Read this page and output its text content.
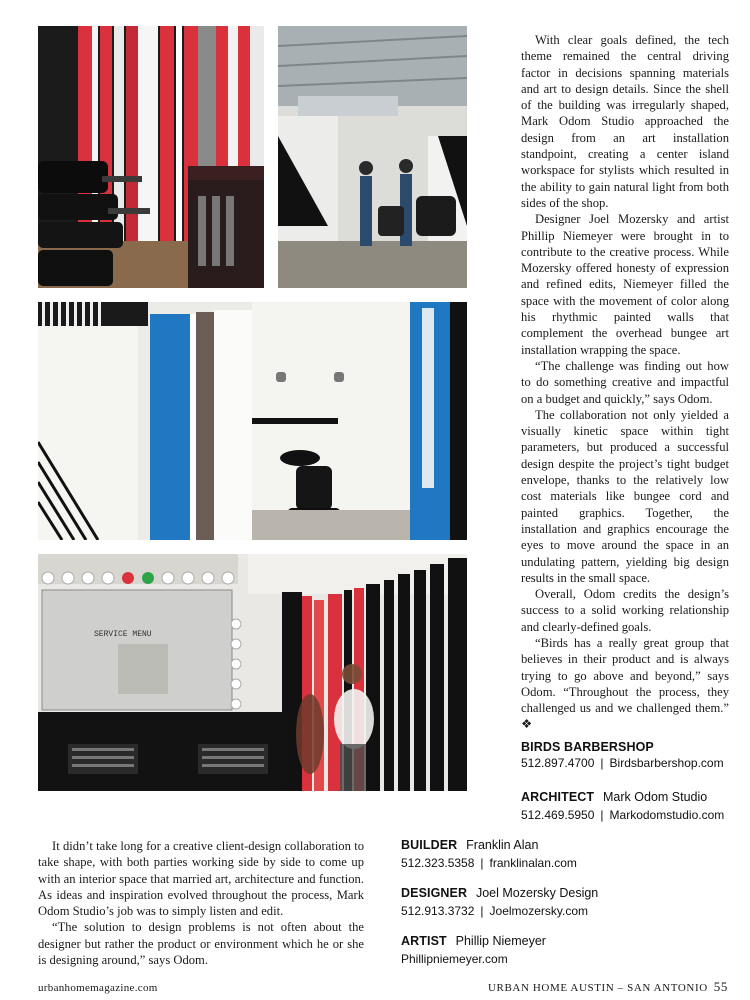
SERVICE MENU

With clear goals defined, the tech theme remained the central driving factor in decisions spanning materials and art to design details. Since the shell of the building was irregularly shaped, Mark Odom Studio approached the design from an art installation standpoint, creating a center island workspace for stylists which resulted in the ability to gain natural light from both sides of the shop.

Designer Joel Mozersky and artist Phillip Niemeyer were brought in to contribute to the creative process. While Mozersky offered honesty of expression and refined edits, Niemeyer filled the space with the movement of color along his rhythmic painted walls that complement the overhead bungee art installation wrapping the space.

“The challenge was finding out how to do something creative and impactful on a budget and quickly,” says Odom.

The collaboration not only yielded a visually kinetic space within tight parameters, but produced a successful design despite the project’s tight budget envelope, thanks to the relatively low cost materials like bungee cord and painted graphics. Together, the installation and graphics encourage the eyes to move around the space in an undulating pattern, yielding big design results in the small space.

Overall, Odom credits the design’s success to a solid working relationship and clearly-defined goals.

“Birds has a really great group that believes in their product and is always trying to go above and beyond,” says Odom. “Throughout the process, they challenged us and we challenged them.” ❖

BIRDS BARBERSHOP
512.897.4700 | Birdsbarbershop.com
ARCHITECT Mark Odom Studio
512.469.5950 | Markodomstudio.com
BUILDER Franklin Alan
512.323.5358 | franklinalan.com
DESIGNER Joel Mozersky Design
512.913.3732 | Joelmozersky.com
ARTIST Phillip Niemeyer
Phillipniemeyer.com

It didn’t take long for a creative client-design collaboration to take shape, with both parties working side by side to come up with an interior space that married art, architecture and function. As ideas and inspiration evolved throughout the process, Mark Odom Studio’s job was to simply listen and edit.

“The solution to design problems is not often about the designer but rather the product or environment which he or she is designing around,” says Odom.

urbanhomemagazine.com	URBAN HOME AUSTIN – SAN ANTONIO 55
